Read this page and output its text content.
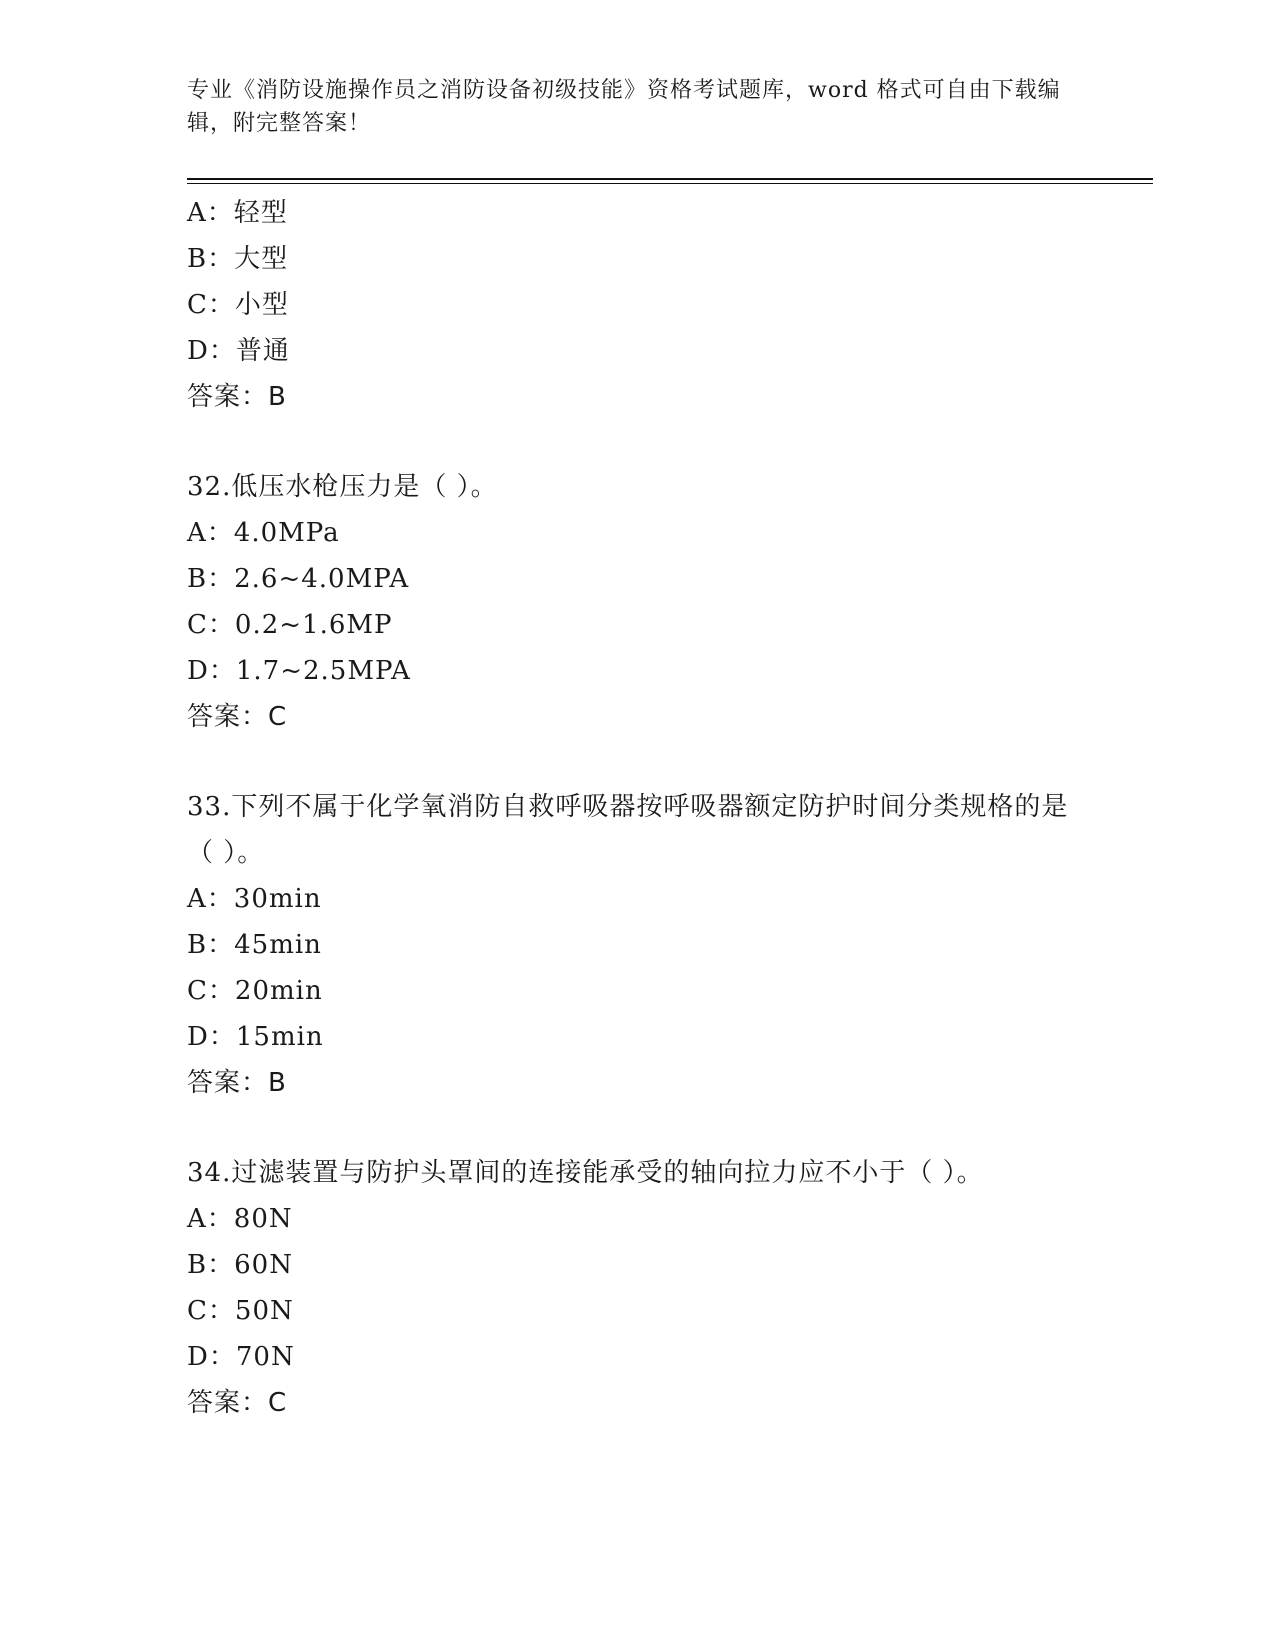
专业《消防设施操作员之消防设备初级技能》资格考试题库，word 格式可自由下载编辑，附完整答案！
A：轻型
B：大型
C：小型
D：普通
答案：B
32.低压水枪压力是（ ）。
A：4.0MPa
B：2.6~4.0MPA
C：0.2~1.6MP
D：1.7~2.5MPA
答案：C
33.下列不属于化学氧消防自救呼吸器按呼吸器额定防护时间分类规格的是（ ）。
A：30min
B：45min
C：20min
D：15min
答案：B
34.过滤装置与防护头罩间的连接能承受的轴向拉力应不小于（ ）。
A：80N
B：60N
C：50N
D：70N
答案：C
